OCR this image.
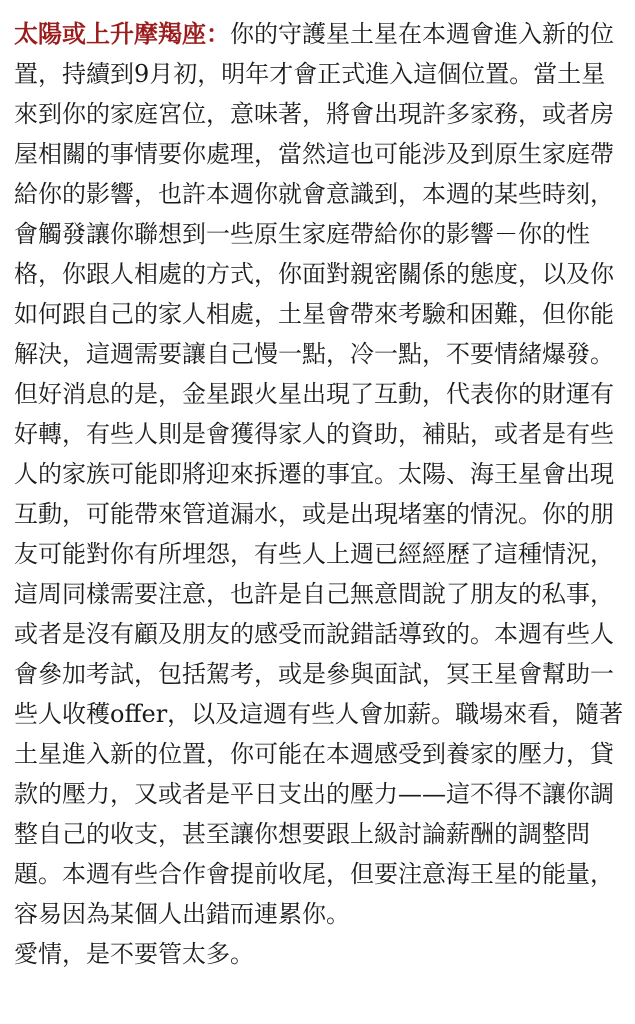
太陽或上升摩羯座：你的守護星土星在本週會進入新的位置，持續到9月初，明年才會正式進入這個位置。當土星來到你的家庭宮位，意味著，將會出現許多家務，或者房屋相關的事情要你處理，當然這也可能涉及到原生家庭帶給你的影響，也許本週你就會意識到，本週的某些時刻，會觸發讓你聯想到一些原生家庭帶給你的影響－你的性格，你跟人相處的方式，你面對親密關係的態度，以及你如何跟自己的家人相處，土星會帶來考驗和困難，但你能解決，這週需要讓自己慢一點，冷一點，不要情緒爆發。但好消息的是，金星跟火星出現了互動，代表你的財運有好轉，有些人則是會獲得家人的資助，補貼，或者是有些人的家族可能即將迎來拆遷的事宜。太陽、海王星會出現互動，可能帶來管道漏水，或是出現堵塞的情況。你的朋友可能對你有所埋怨，有些人上週已經經歷了這種情況，這周同樣需要注意，也許是自己無意間說了朋友的私事，或者是沒有顧及朋友的感受而說錯話導致的。本週有些人會參加考試，包括駕考，或是參與面試，冥王星會幫助一些人收穫offer，以及這週有些人會加薪。職場來看，隨著土星進入新的位置，你可能在本週感受到養家的壓力，貸款的壓力，又或者是平日支出的壓力——這不得不讓你調整自己的收支，甚至讓你想要跟上級討論薪酬的調整問題。本週有些合作會提前收尾，但要注意海王星的能量，容易因為某個人出錯而連累你。

愛情，是不要管太多。
